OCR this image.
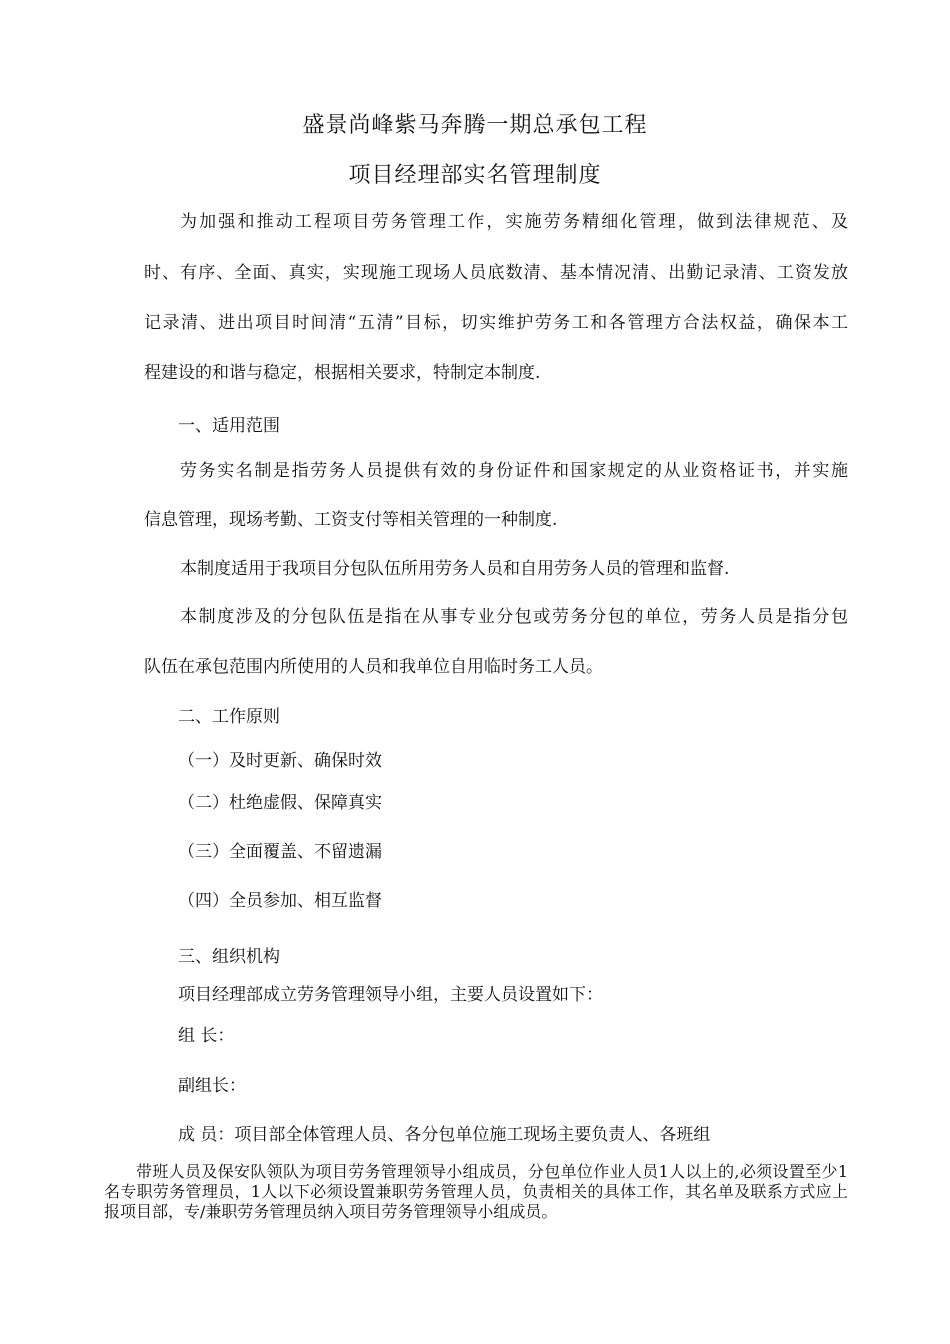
盛景尚峰紫马奔腾一期总承包工程
项目经理部实名管理制度
为加强和推动工程项目劳务管理工作，实施劳务精细化管理，做到法律规范、及
时、有序、全面、真实，实现施工现场人员底数清、基本情况清、出勤记录清、工资发放
记录清、进出项目时间清“五清”目标，切实维护劳务工和各管理方合法权益，确保本工
程建设的和谐与稳定，根据相关要求，特制定本制度.
一、适用范围
劳务实名制是指劳务人员提供有效的身份证件和国家规定的从业资格证书，并实施
信息管理，现场考勤、工资支付等相关管理的一种制度.
本制度适用于我项目分包队伍所用劳务人员和自用劳务人员的管理和监督.
本制度涉及的分包队伍是指在从事专业分包或劳务分包的单位，劳务人员是指分包
队伍在承包范围内所使用的人员和我单位自用临时务工人员。
二、工作原则
（一）及时更新、确保时效
（二）杜绝虚假、保障真实
（三）全面覆盖、不留遗漏
（四）全员参加、相互监督
三、组织机构
项目经理部成立劳务管理领导小组，主要人员设置如下：
组 长：
副组长：
成 员：项目部全体管理人员、各分包单位施工现场主要负责人、各班组
带班人员及保安队领队为项目劳务管理领导小组成员，分包单位作业人员1人以上的,必须设置至少1名专职劳务管理员，1人以下必须设置兼职劳务管理人员，负责相关的具体工作，其名单及联系方式应上报项目部，专/兼职劳务管理员纳入项目劳务管理领导小组成员。
